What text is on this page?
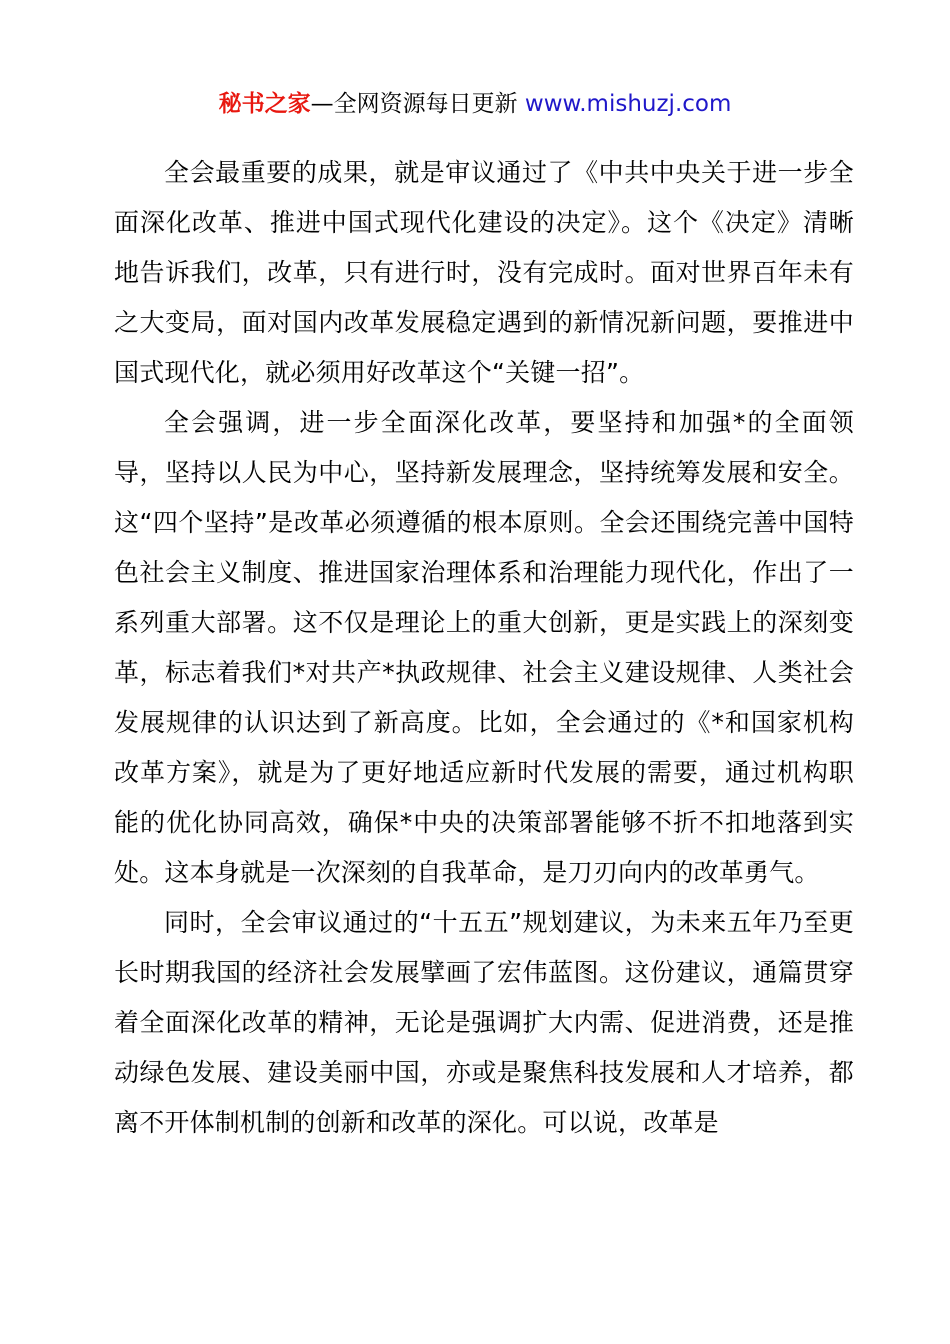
秘书之家—全网资源每日更新 www.mishuzj.com

全会最重要的成果，就是审议通过了《中共中央关于进一步全面深化改革、推进中国式现代化建设的决定》。这个《决定》清晰地告诉我们，改革，只有进行时，没有完成时。面对世界百年未有之大变局，面对国内改革发展稳定遇到的新情况新问题，要推进中国式现代化，就必须用好改革这个“关键一招”。

全会强调，进一步全面深化改革，要坚持和加强*的全面领导，坚持以人民为中心，坚持新发展理念，坚持统筹发展和安全。这“四个坚持”是改革必须遵循的根本原则。全会还围绕完善中国特色社会主义制度、推进国家治理体系和治理能力现代化，作出了一系列重大部署。这不仅是理论上的重大创新，更是实践上的深刻变革，标志着我们*对共产*执政规律、社会主义建设规律、人类社会发展规律的认识达到了新高度。比如，全会通过的《*和国家机构改革方案》，就是为了更好地适应新时代发展的需要，通过机构职能的优化协同高效，确保*中央的决策部署能够不折不扣地落到实处。这本身就是一次深刻的自我革命，是刀刃向内的改革勇气。

同时，全会审议通过的“十五五”规划建议，为未来五年乃至更长时期我国的经济社会发展擘画了宏伟蓝图。这份建议，通篇贯穿着全面深化改革的精神，无论是强调扩大内需、促进消费，还是推动绿色发展、建设美丽中国，亦或是聚焦科技发展和人才培养，都离不开体制机制的创新和改革的深化。可以说，改革是
